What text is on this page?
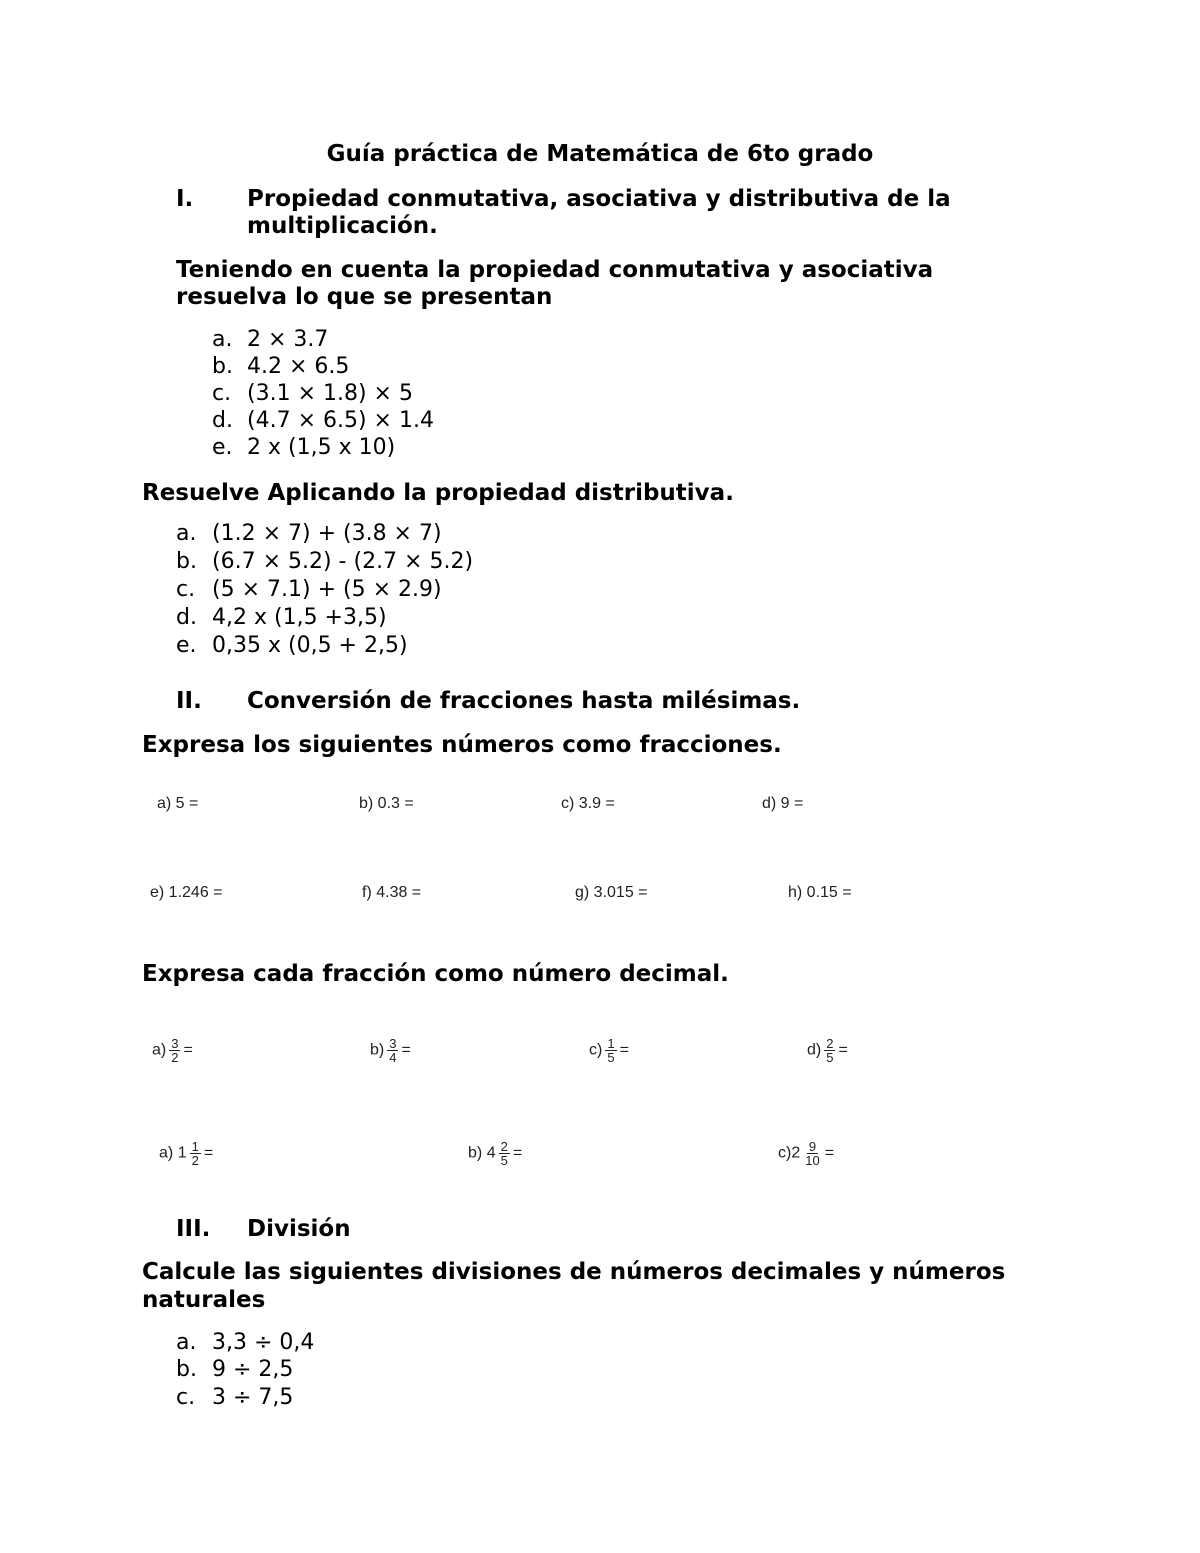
Guía práctica de Matemática de 6to grado
I. Propiedad conmutativa, asociativa y distributiva de la
multiplicación.
Teniendo en cuenta la propiedad conmutativa y asociativa
resuelva lo que se presentan
a. 2 × 3.7
b. 4.2 × 6.5
c. (3.1 × 1.8) × 5
d. (4.7 × 6.5) × 1.4
e. 2 x (1,5 x 10)
Resuelve Aplicando la propiedad distributiva.
a. (1.2 × 7) + (3.8 × 7)
b. (6.7 × 5.2) - (2.7 × 5.2)
c. (5 × 7.1) + (5 × 2.9)
d. 4,2 x (1,5 +3,5)
e. 0,35 x (0,5 + 2,5)
II. Conversión de fracciones hasta milésimas.
Expresa los siguientes números como fracciones.
a) 5 =	b) 0.3 =	c) 3.9 =	d) 9 =
e) 1.246 =	f) 4.38 =	g) 3.015 =	h) 0.15 =
Expresa cada fracción como número decimal.
$a) \frac{3}{2}$ =	$b) \frac{3}{4}$ =	$c) \frac{1}{5}$ =	$d) \frac{2}{5}$ =
a) $1 \frac{1}{2}$ =	b) $4 \frac{2}{5}$ =	$c)2 \frac{9}{10}$ =
III. División
Calcule las siguientes divisiones de números decimales y números
naturales
a. 3,3 ÷ 0,4
b. 9 ÷ 2,5
c. 3 ÷ 7,5
